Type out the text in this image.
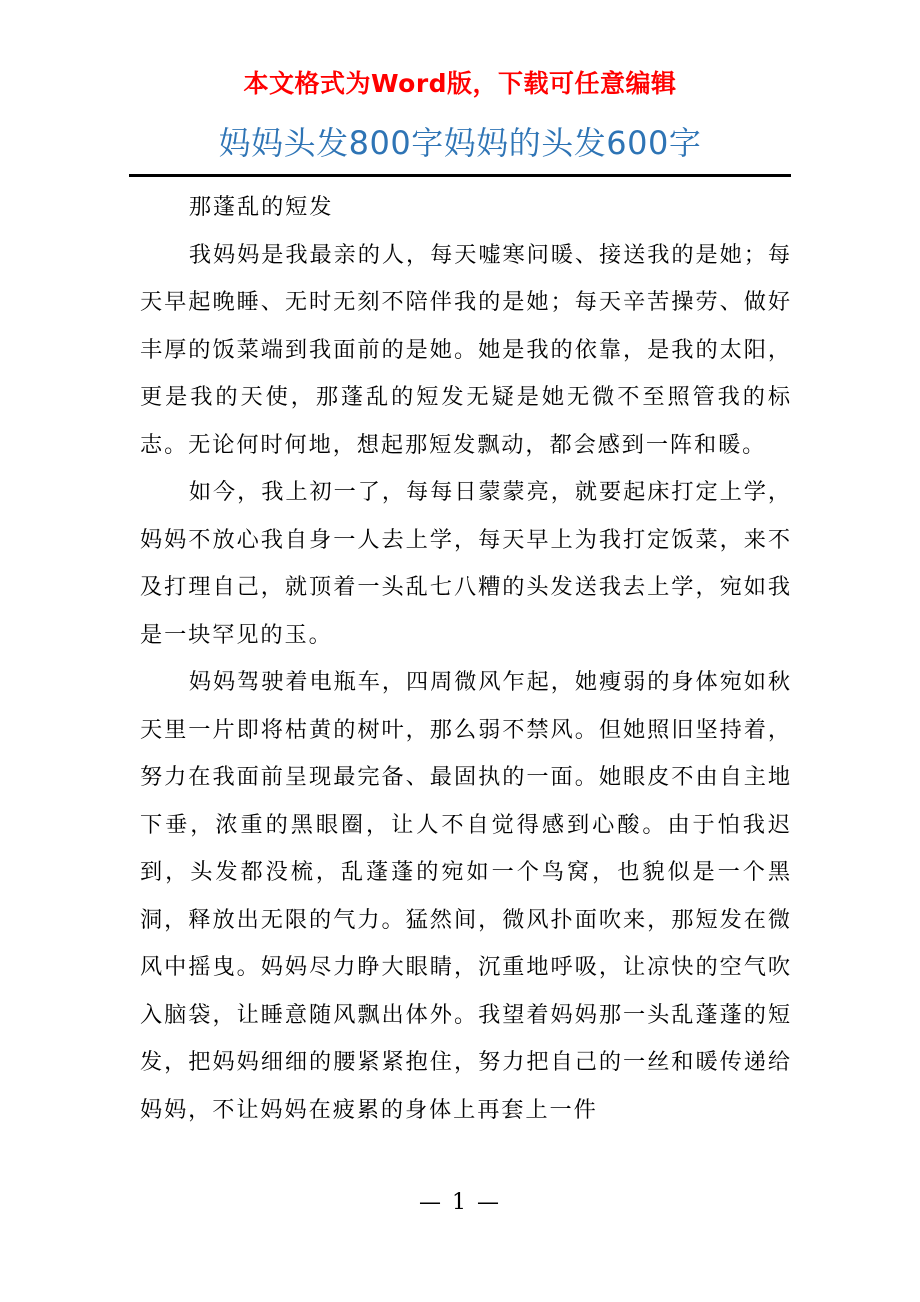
本文格式为Word版，下载可任意编辑
妈妈头发800字妈妈的头发600字

那蓬乱的短发

我妈妈是我最亲的人，每天嘘寒问暖、接送我的是她；每天早起晚睡、无时无刻不陪伴我的是她；每天辛苦操劳、做好丰厚的饭菜端到我面前的是她。她是我的依靠，是我的太阳，更是我的天使，那蓬乱的短发无疑是她无微不至照管我的标志。无论何时何地，想起那短发飘动，都会感到一阵和暖。

如今，我上初一了，每每日蒙蒙亮，就要起床打定上学，妈妈不放心我自身一人去上学，每天早上为我打定饭菜，来不及打理自己，就顶着一头乱七八糟的头发送我去上学，宛如我是一块罕见的玉。

妈妈驾驶着电瓶车，四周微风乍起，她瘦弱的身体宛如秋天里一片即将枯黄的树叶，那么弱不禁风。但她照旧坚持着，努力在我面前呈现最完备、最固执的一面。她眼皮不由自主地下垂，浓重的黑眼圈，让人不自觉得感到心酸。由于怕我迟到，头发都没梳，乱蓬蓬的宛如一个鸟窝，也貌似是一个黑洞，释放出无限的气力。猛然间，微风扑面吹来，那短发在微风中摇曳。妈妈尽力睁大眼睛，沉重地呼吸，让凉快的空气吹入脑袋，让睡意随风飘出体外。我望着妈妈那一头乱蓬蓬的短发，把妈妈细细的腰紧紧抱住，努力把自己的一丝和暖传递给妈妈，不让妈妈在疲累的身体上再套上一件

— 1 —
